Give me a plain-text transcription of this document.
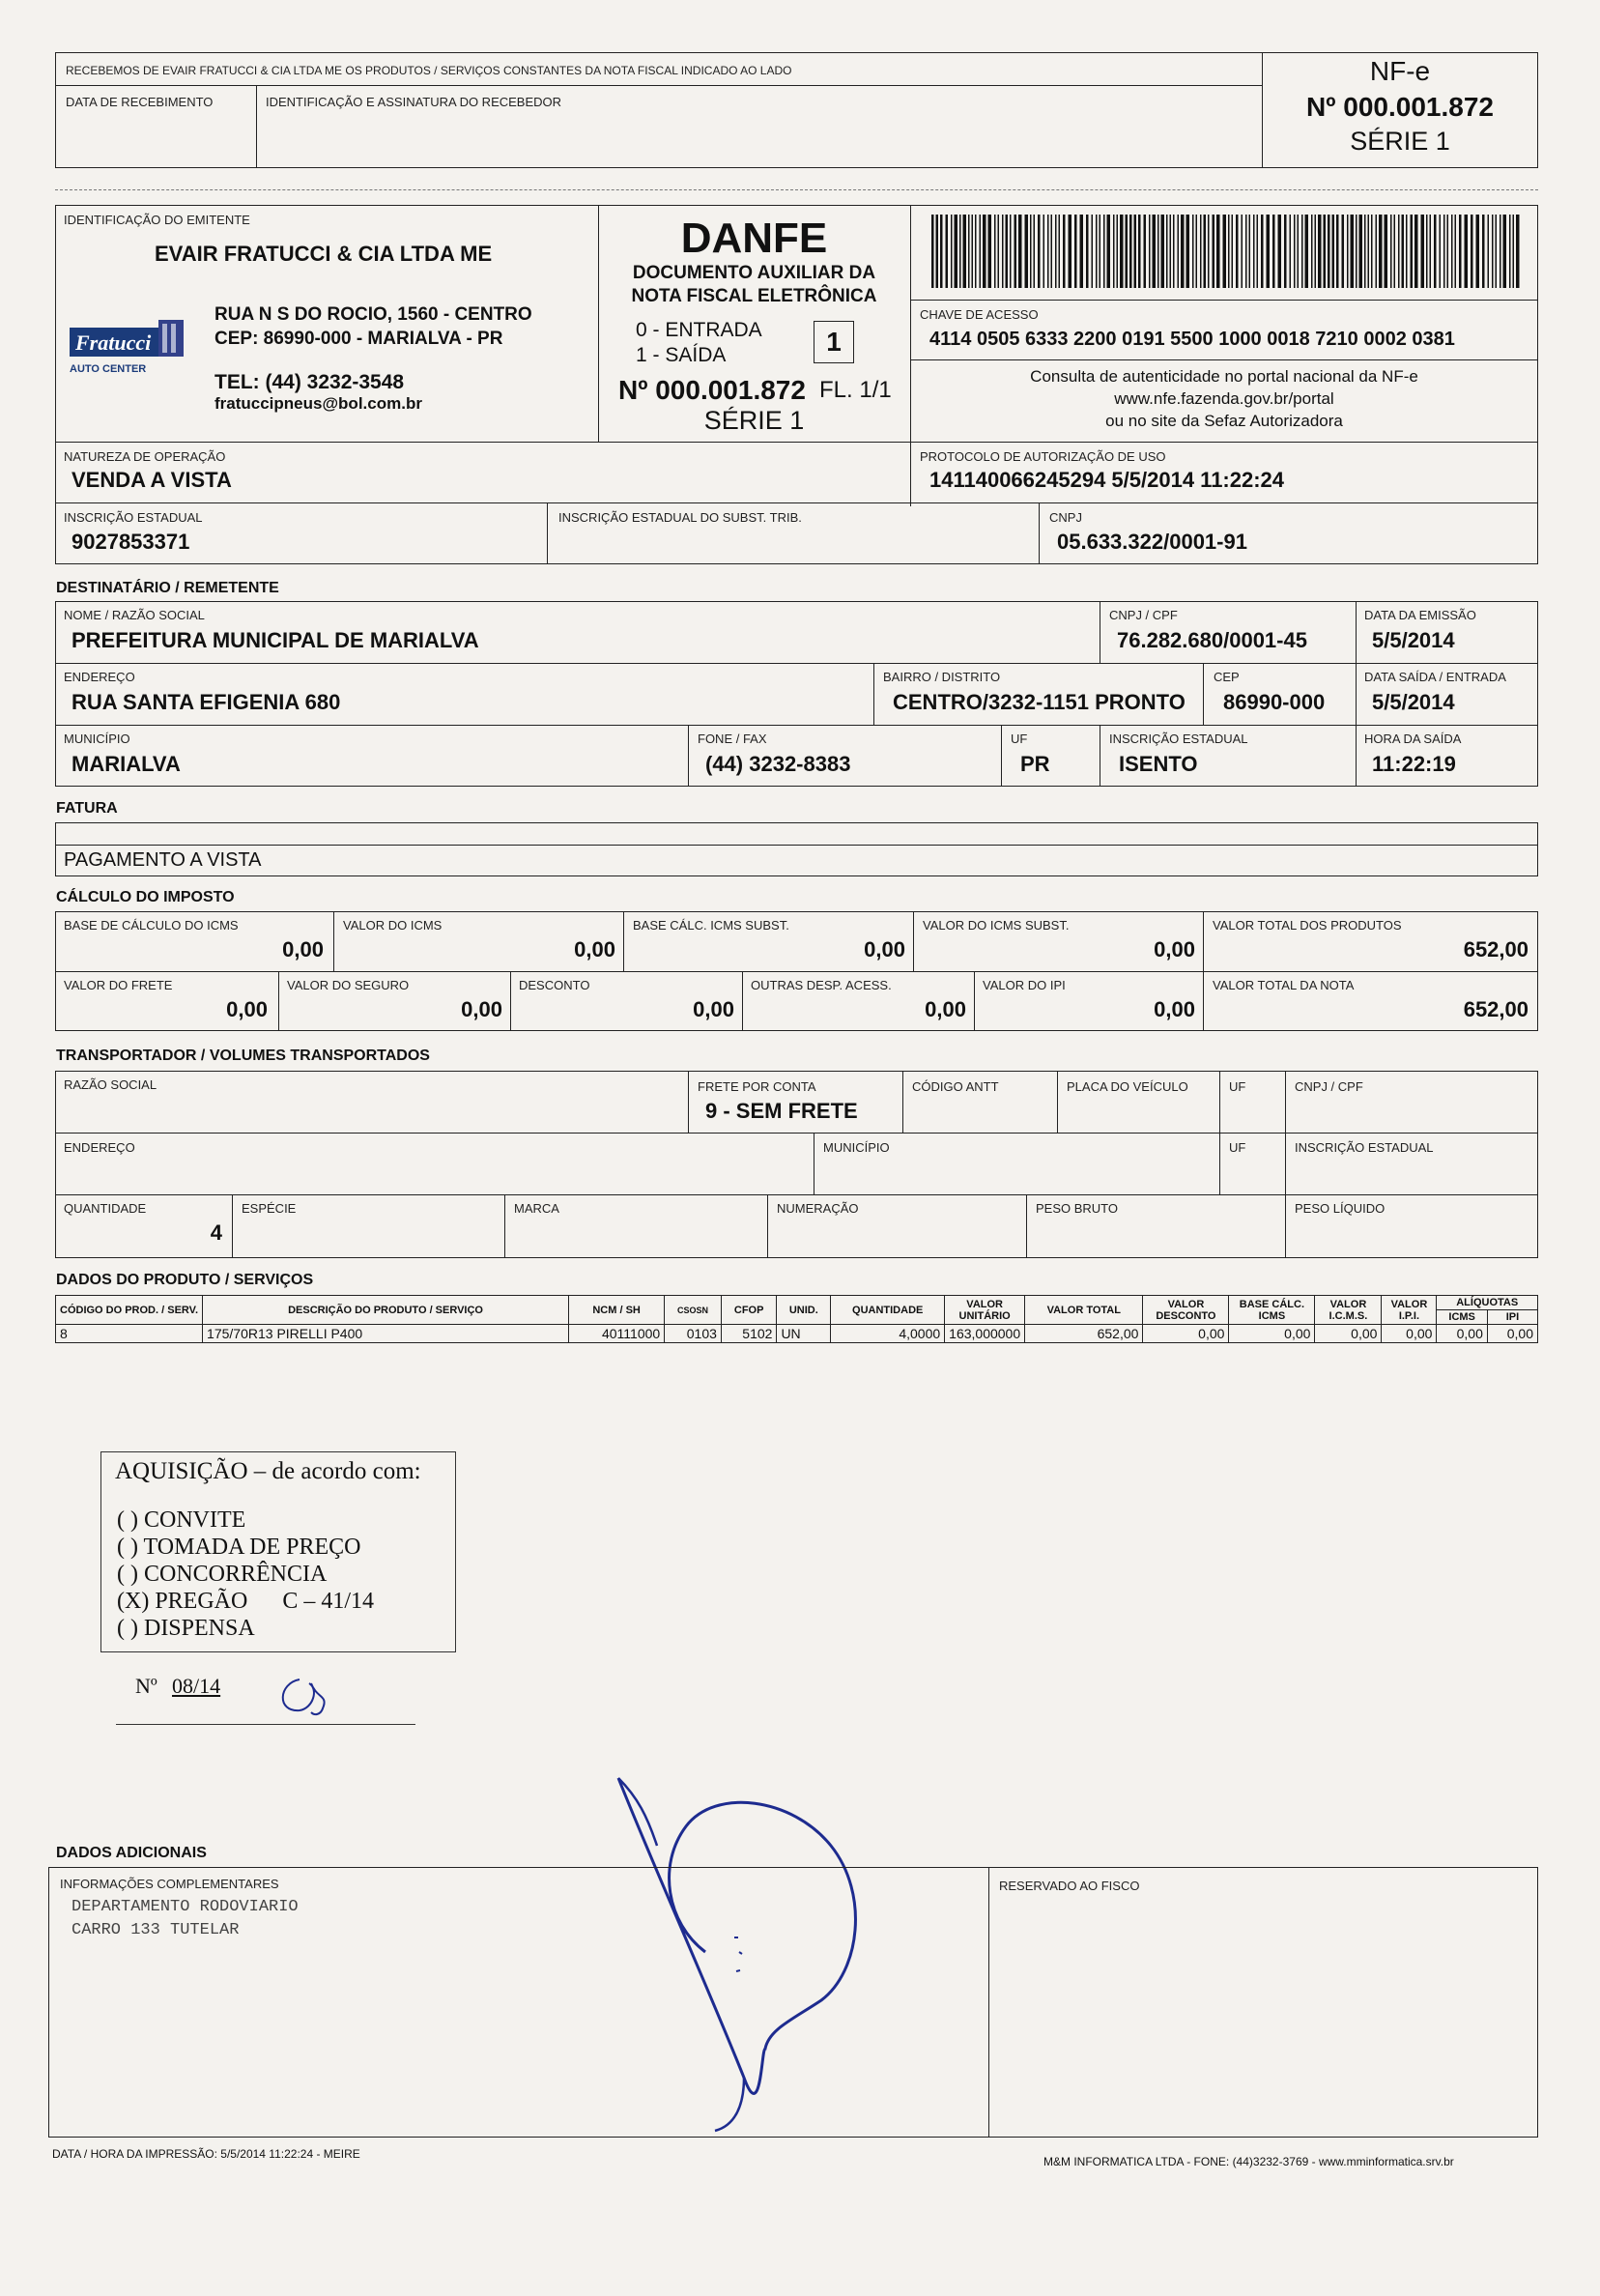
RECEBEMOS DE EVAIR FRATUCCI & CIA LTDA ME OS PRODUTOS / SERVIÇOS CONSTANTES DA NOTA FISCAL INDICADO AO LADO
DATA DE RECEBIMENTO	IDENTIFICAÇÃO E ASSINATURA DO RECEBEDOR
NF-e
Nº 000.001.872
SÉRIE 1
IDENTIFICAÇÃO DO EMITENTE
EVAIR FRATUCCI & CIA LTDA ME
Fratucci
AUTO CENTER
RUA N S DO ROCIO, 1560 - CENTRO
CEP: 86990-000 - MARIALVA - PR
TEL: (44) 3232-3548
fratuccipneus@bol.com.br
DANFE
DOCUMENTO AUXILIAR DA
NOTA FISCAL ELETRÔNICA
0 - ENTRADA
1 - SAÍDA	1
Nº 000.001.872 FL. 1/1
SÉRIE 1
CHAVE DE ACESSO
4114 0505 6333 2200 0191 5500 1000 0018 7210 0002 0381
Consulta de autenticidade no portal nacional da NF-e
www.nfe.fazenda.gov.br/portal
ou no site da Sefaz Autorizadora
NATUREZA DE OPERAÇÃO
VENDA A VISTA
PROTOCOLO DE AUTORIZAÇÃO DE USO
141140066245294 5/5/2014 11:22:24
INSCRIÇÃO ESTADUAL
9027853371
INSCRIÇÃO ESTADUAL DO SUBST. TRIB.	CNPJ
05.633.322/0001-91
DESTINATÁRIO / REMETENTE
NOME / RAZÃO SOCIAL
PREFEITURA MUNICIPAL DE MARIALVA
CNPJ / CPF
76.282.680/0001-45
DATA DA EMISSÃO
5/5/2014
ENDEREÇO
RUA SANTA EFIGENIA 680
BAIRRO / DISTRITO
CENTRO/3232-1151 PRONTO
CEP
86990-000
DATA SAÍDA / ENTRADA
5/5/2014
MUNICÍPIO
MARIALVA
FONE / FAX
(44) 3232-8383
UF
PR
INSCRIÇÃO ESTADUAL
ISENTO
HORA DA SAÍDA
11:22:19
FATURA
PAGAMENTO A VISTA
CÁLCULO DO IMPOSTO
BASE DE CÁLCULO DO ICMS
0,00
VALOR DO ICMS
0,00
BASE CÁLC. ICMS SUBST.
0,00
VALOR DO ICMS SUBST.
0,00
VALOR TOTAL DOS PRODUTOS
652,00
VALOR DO FRETE
0,00
VALOR DO SEGURO
0,00
DESCONTO
0,00
OUTRAS DESP. ACESS.
0,00
VALOR DO IPI
0,00
VALOR TOTAL DA NOTA
652,00
TRANSPORTADOR / VOLUMES TRANSPORTADOS
RAZÃO SOCIAL	FRETE POR CONTA
9 - SEM FRETE
CÓDIGO ANTT	PLACA DO VEÍCULO	UF	CNPJ / CPF
ENDEREÇO	MUNICÍPIO	UF	INSCRIÇÃO ESTADUAL
QUANTIDADE
4
ESPÉCIE	MARCA	NUMERAÇÃO	PESO BRUTO	PESO LÍQUIDO
DADOS DO PRODUTO / SERVIÇOS
CÓDIGO DO PROD. / SERV.	DESCRIÇÃO DO PRODUTO / SERVIÇO	NCM / SH	CSOSN	CFOP	UNID.	QUANTIDADE	VALOR UNITÁRIO	VALOR TOTAL	VALOR DESCONTO	BASE CÁLC. ICMS	VALOR I.C.M.S.	VALOR I.P.I.	ALÍQUOTAS	
													ICMS	IPI
8	175/70R13 PIRELLI P400	40111000	0103	5102	UN	4,0000	163,000000	652,00	0,00	0,00	0,00	0,00	0,00	0,00
AQUISIÇÃO – de acordo com:
( ) CONVITE
( ) TOMADA DE PREÇO
( ) CONCORRÊNCIA
(X) PREGÃO      C – 41/14
( ) DISPENSA
Nº 08/14
DADOS ADICIONAIS
INFORMAÇÕES COMPLEMENTARES
DEPARTAMENTO RODOVIARIO
CARRO 133 TUTELAR
RESERVADO AO FISCO
DATA / HORA DA IMPRESSÃO: 5/5/2014 11:22:24 - MEIRE
M&M INFORMATICA LTDA - FONE: (44)3232-3769 - www.mminformatica.srv.br
